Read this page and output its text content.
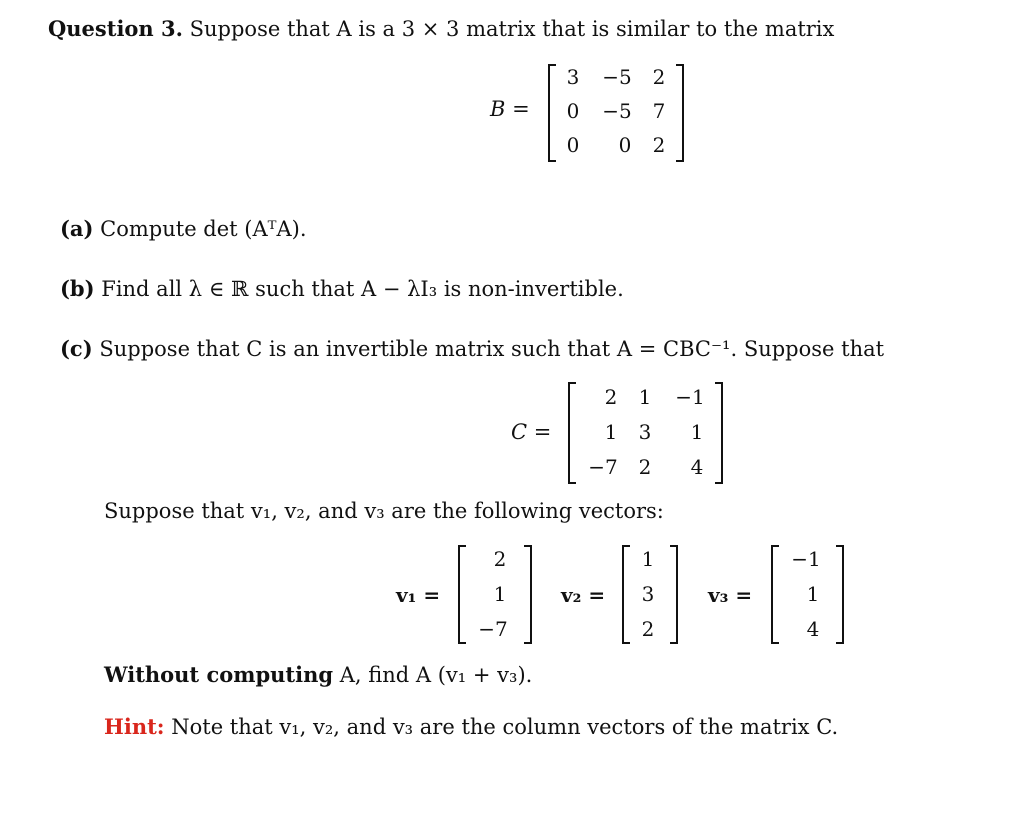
Question 3. Suppose that A is a 3 × 3 matrix that is similar to the matrix
B =
3	−5	2
0	−5	7
0	0	2
(a) Compute det (AᵀA).
(b) Find all λ ∈ ℝ such that A − λI₃ is non-invertible.
(c) Suppose that C is an invertible matrix such that A = CBC⁻¹. Suppose that
C =
2	1	−1
1	3	1
−7	2	4
Suppose that v₁, v₂, and v₃ are the following vectors:
v₁ =
2
1
−7
v₂ =
1
3
2
v₃ =
−1
1
4
Without computing A, find A (v₁ + v₃).
Hint: Note that v₁, v₂, and v₃ are the column vectors of the matrix C.
